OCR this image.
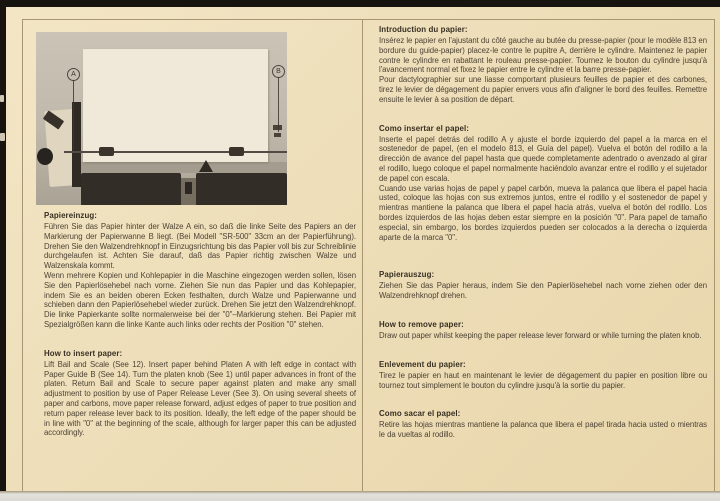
A	B
Papiereinzug:

Führen Sie das Papier hinter der Walze A ein, so daß die linke Seite des Papiers an der Markierung der Papierwanne B liegt. (Bei Modell "SR-500" 33cm an der Papierführung). Drehen Sie den Walzendrehknopf in Einzugsrichtung bis das Papier voll bis zur Schreiblinie durchgelaufen ist. Achten Sie darauf, daß das Papier richtig zwischen Walze und Walzenskala kommt.

Wenn mehrere Kopien und Kohlepapier in die Maschine eingezogen werden sollen, lösen Sie den Papierlösehebel nach vorne. Ziehen Sie nun das Papier und das Kohlepapier, indem Sie es an beiden oberen Ecken festhalten, durch Walze und Papierwanne und schieben dann den Papierlösehebel wieder zurück. Drehen Sie jetzt den Walzendrehknopf. Die linke Papierkante sollte normalerweise bei der "0"–Markierung stehen. Bei Papier mit Spezialgrößen kann die linke Kante auch links oder rechts der Position "0" stehen.

How to insert paper:

Lift Bail and Scale (See 12). Insert paper behind Platen A with left edge in contact with Paper Guide B (See 14). Turn the platen knob (See 1) until paper advances in front of the platen. Return Bail and Scale to secure paper against platen and make any small adjustment to position by use of Paper Release Lever (See 3). On using several sheets of paper and carbons, move paper release forward, adjust edges of paper to true position and return paper release lever back to its position. Ideally, the left edge of the paper should be in line with "0" at the beginning of the scale, although for larger paper this can be adjusted accordingly.

Introduction du papier:

Insérez le papier en l'ajustant du côté gauche au butée du presse-papier (pour le modèle 813 en bordure du guide-papier) placez-le contre le pupitre A, derrière le cylindre. Maintenez le papier contre le cylindre en rabattant le rouleau presse-papier. Tournez le bouton du cylindre jusqu'à l'avancement normal et fixez le papier entre le cylindre et la barre presse-papier.

Pour dactylographier sur une liasse comportant plusieurs feuilles de papier et des carbones, tirez le levier de dégagement du papier envers vous afin d'aligner le bord des feuilles. Remettre ensuite le levier à sa position de départ.

Como insertar el papel:

Inserte el papel detrás del rodillo A y ajuste el borde izquierdo del papel a la marca en el sostenedor de papel, (en el modelo 813, el Guía del papel). Vuelva el botón del rodillo a la dirección de avance del papel hasta que quede completamente adentrado o avenzado al girar el rodillo, luego coloque el papel normalmente haciéndolo avanzar entre el rodillo y el sujetador de papel con escala.

Cuando use varias hojas de papel y papel carbón, mueva la palanca que libera el papel hacia usted, coloque las hojas con sus extremos juntos, entre el rodillo y el sostenedor de papel y mientras mantiene la palanca que libera el papel hacia atrás, vuelva el botón del rodillo. Los bordes izquierdos de las hojas deben estar siempre en la posición "0". Para papel de tamaño especial, sin embargo, los bordes izquierdos pueden ser colocados a la derecha o izquierda aparte de la marca "0".

Papierauszug:

Ziehen Sie das Papier heraus, indem Sie den Papierlösehebel nach vorne ziehen oder den Walzendrehknopf drehen.

How to remove paper:

Draw out paper whilst keeping the paper release lever forward or while turning the platen knob.

Enlevement du papier:

Tirez le papier en haut en maintenant le levier de dégagement du papier en position libre ou tournez tout simplement le bouton du cylindre jusqu'à la sortie du papier.

Como sacar el papel:

Retire las hojas mientras mantiene la palanca que libera el papel tirada hacia usted o mientras le da vueltas al rodillo.
